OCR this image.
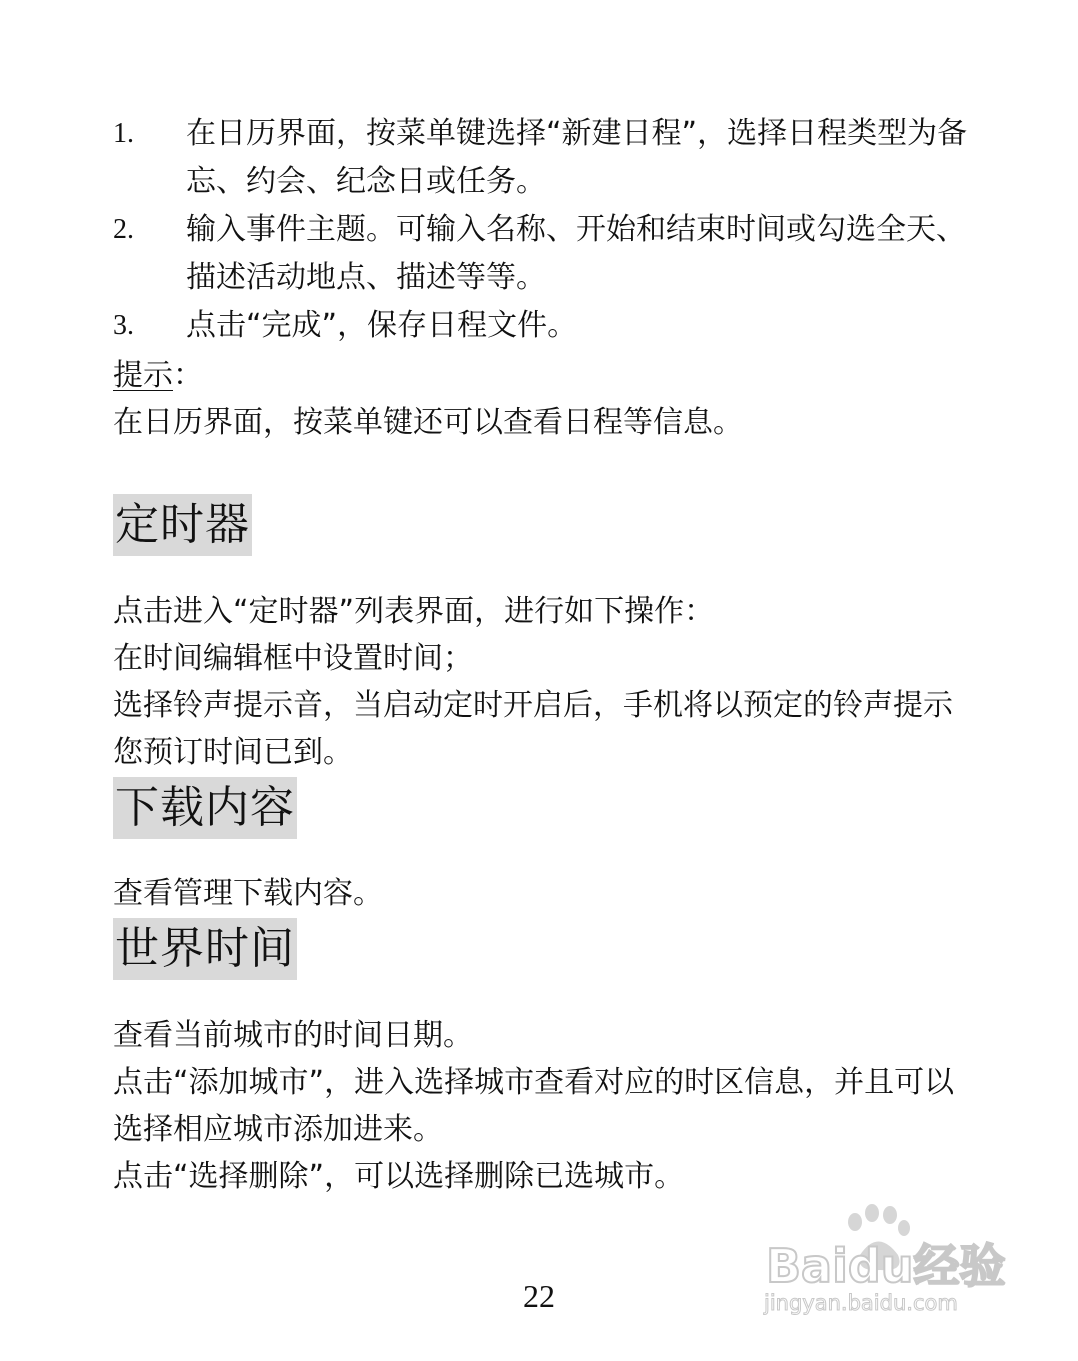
1. 在日历界面，按菜单键选择“新建日程”，选择日程类型为备忘、约会、纪念日或任务。
2. 输入事件主题。可输入名称、开始和结束时间或勾选全天、描述活动地点、描述等等。
3. 点击“完成”，保存日程文件。
提示：
在日历界面，按菜单键还可以查看日程等信息。
定时器
点击进入“定时器”列表界面，进行如下操作：
在时间编辑框中设置时间；
选择铃声提示音，当启动定时开启后，手机将以预定的铃声提示您预订时间已到。
下载内容
查看管理下载内容。
世界时间
查看当前城市的时间日期。
点击“添加城市”，进入选择城市查看对应的时区信息，并且可以选择相应城市添加进来。
点击“选择删除”，可以选择删除已选城市。
22
Baidu经验
jingyan.baidu.com
